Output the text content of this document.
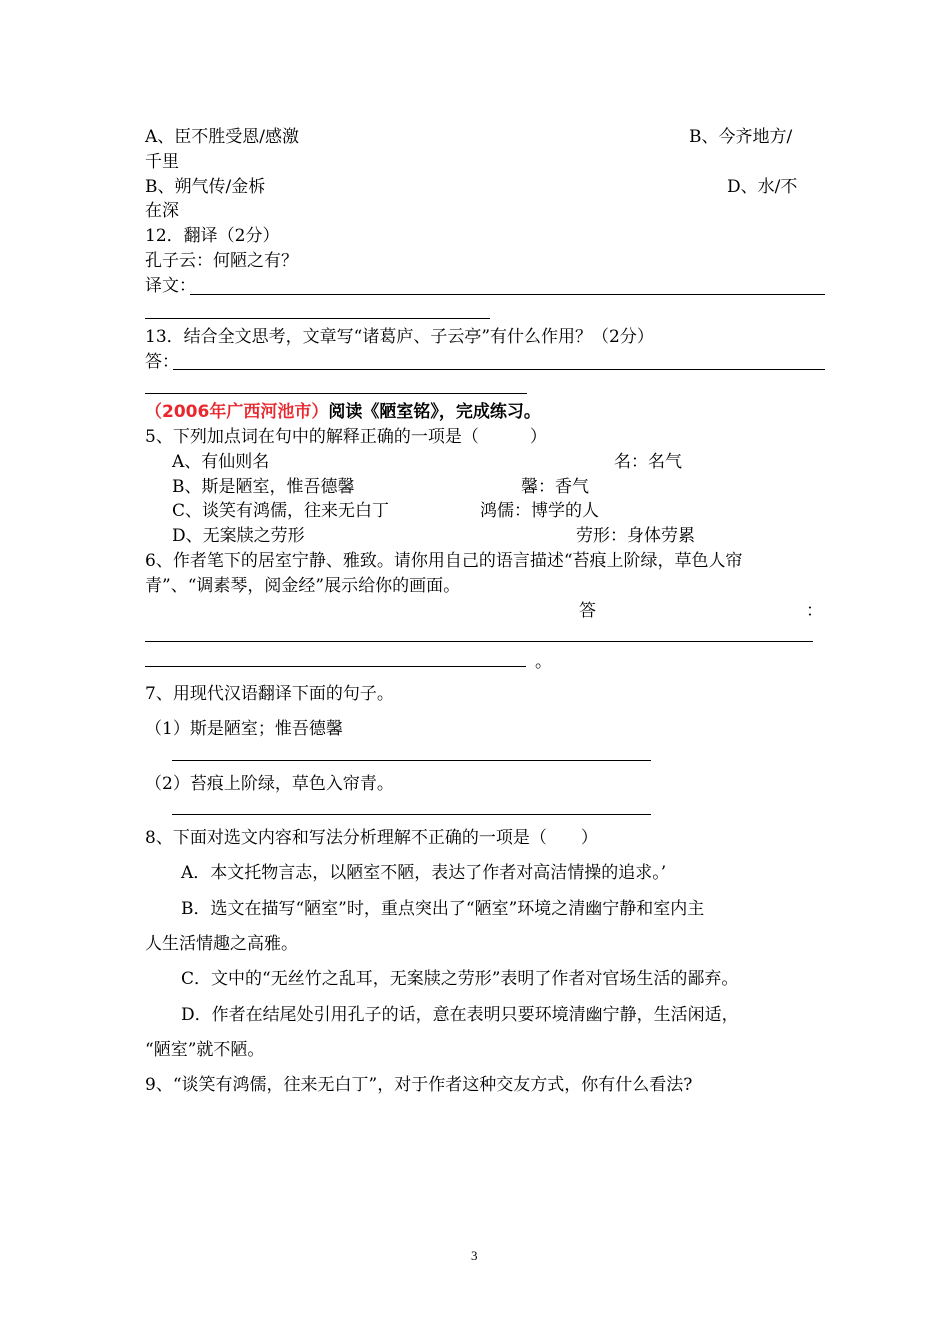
A、臣不胜受恩/感激	B、今齐地方/
千里
B、朔气传/金柝	D、水/不
在深
12．翻译（2分）
孔子云：何陋之有？
译文：
13．结合全文思考，文章写“诸葛庐、子云亭”有什么作用？（2分）
答：
（2006年广西河池市）阅读《陋室铭》，完成练习。
5、下列加点词在句中的解释正确的一项是（　　　）
A、有仙则名	名：名气
B、斯是陋室，惟吾德馨	馨：香气
C、谈笑有鸿儒，往来无白丁	鸿儒：博学的人
D、无案牍之劳形	劳形：身体劳累
6、作者笔下的居室宁静、雅致。请你用自己的语言描述“苔痕上阶绿，草色人帘
青”、“调素琴，阅金经”展示给你的画面。
答	：
。
7、用现代汉语翻译下面的句子。
（1）斯是陋室；惟吾德馨
（2）苔痕上阶绿，草色入帘青。
8、下面对选文内容和写法分析理解不正确的一项是（　　）
A．本文托物言志，以陋室不陋，表达了作者对高洁情操的追求。’
B．选文在描写“陋室”时，重点突出了“陋室”环境之清幽宁静和室内主
人生活情趣之高雅。
C．文中的“无丝竹之乱耳，无案牍之劳形”表明了作者对官场生活的鄙弃。
D．作者在结尾处引用孔子的话，意在表明只要环境清幽宁静，生活闲适，
“陋室”就不陋。
9、“谈笑有鸿儒，往来无白丁”，对于作者这种交友方式，你有什么看法?
3
